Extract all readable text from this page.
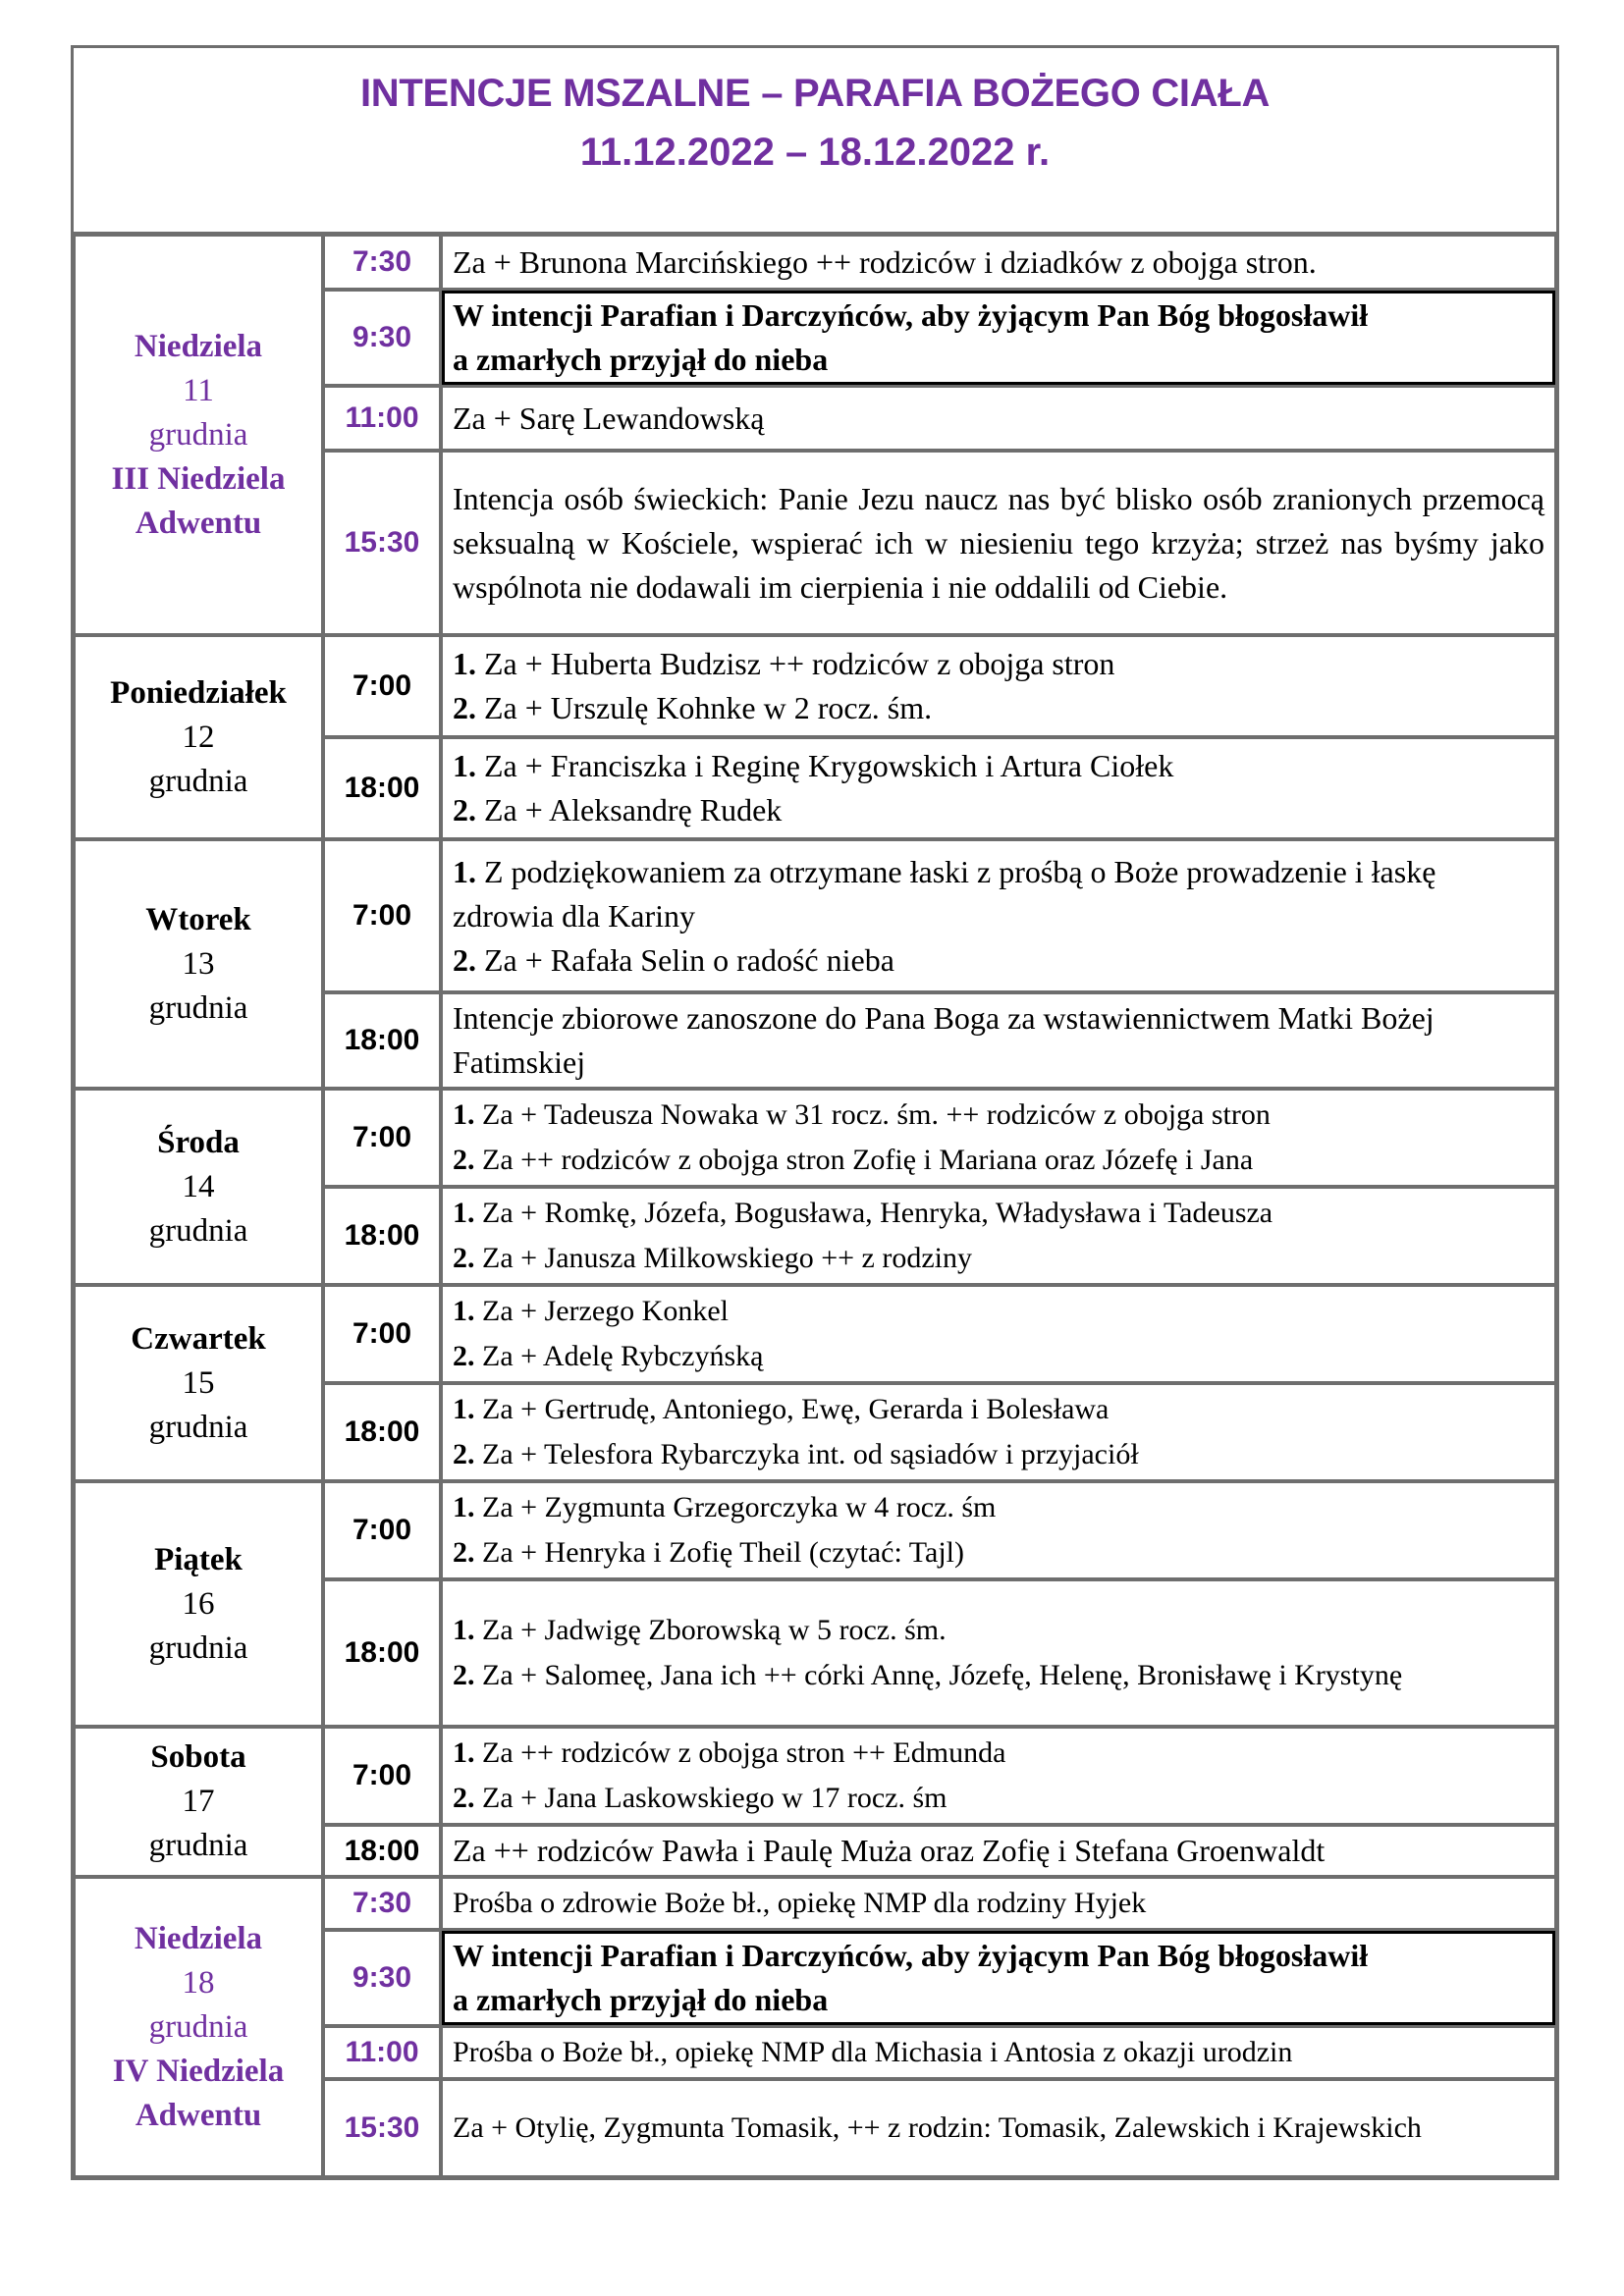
INTENCJE MSZALNE – PARAFIA BOŻEGO CIAŁA
11.12.2022 – 18.12.2022 r.
Niedziela
11
grudnia
III Niedziela
Adwentu	7:30	Za + Brunona Marcińskiego ++ rodziców i dziadków z obojga stron.

	9:30	W intencji Parafian i Darczyńców, aby żyjącym Pan Bóg błogosławił
a zmarłych przyjął do nieba

	11:00	Za + Sarę Lewandowską

	15:30	Intencja osób świeckich: Panie Jezu naucz nas być blisko osób zranionych przemocą seksualną w Kościele, wspierać ich w niesieniu tego krzyża; strzeż nas byśmy jako wspólnota nie dodawali im cierpienia i nie oddalili od Ciebie.

Poniedziałek
12
grudnia	7:00	1. Za + Huberta Budzisz ++ rodziców z obojga stron
2. Za + Urszulę Kohnke w 2 rocz. śm.

	18:00	1. Za + Franciszka i Reginę Krygowskich i Artura Ciołek
2. Za + Aleksandrę Rudek

Wtorek
13
grudnia	7:00	1. Z podziękowaniem za otrzymane łaski z prośbą o Boże prowadzenie i łaskę zdrowia dla Kariny
2. Za + Rafała Selin o radość nieba

	18:00	Intencje zbiorowe zanoszone do Pana Boga za wstawiennictwem Matki Bożej Fatimskiej

Środa
14
grudnia	7:00	1. Za + Tadeusza Nowaka w 31 rocz. śm. ++ rodziców z obojga stron
2. Za ++ rodziców z obojga stron Zofię i Mariana oraz Józefę i Jana

	18:00	1. Za + Romkę, Józefa, Bogusława, Henryka, Władysława i Tadeusza
2. Za + Janusza Milkowskiego ++ z rodziny

Czwartek
15
grudnia	7:00	1. Za + Jerzego Konkel
2. Za + Adelę Rybczyńską

	18:00	1. Za + Gertrudę, Antoniego, Ewę, Gerarda i Bolesława
2. Za + Telesfora Rybarczyka int. od sąsiadów i przyjaciół

Piątek
16
grudnia	7:00	1. Za + Zygmunta Grzegorczyka w 4 rocz. śm
2. Za + Henryka i Zofię Theil (czytać: Tajl)

	18:00	1. Za + Jadwigę Zborowską w 5 rocz. śm.
2. Za + Salomeę, Jana ich ++ córki Annę, Józefę, Helenę, Bronisławę i Krystynę

Sobota
17
grudnia	7:00	1. Za ++ rodziców z obojga stron ++ Edmunda
2. Za + Jana Laskowskiego w 17 rocz. śm

	18:00	Za ++ rodziców Pawła i Paulę Muża oraz Zofię i Stefana Groenwaldt

Niedziela
18
grudnia
IV Niedziela
Adwentu	7:30	Prośba o zdrowie Boże bł., opiekę NMP dla rodziny Hyjek

	9:30	W intencji Parafian i Darczyńców, aby żyjącym Pan Bóg błogosławił
a zmarłych przyjął do nieba

	11:00	Prośba o Boże bł., opiekę NMP dla Michasia i Antosia z okazji urodzin

	15:30	Za + Otylię, Zygmunta Tomasik, ++ z rodzin: Tomasik, Zalewskich i Krajewskich
